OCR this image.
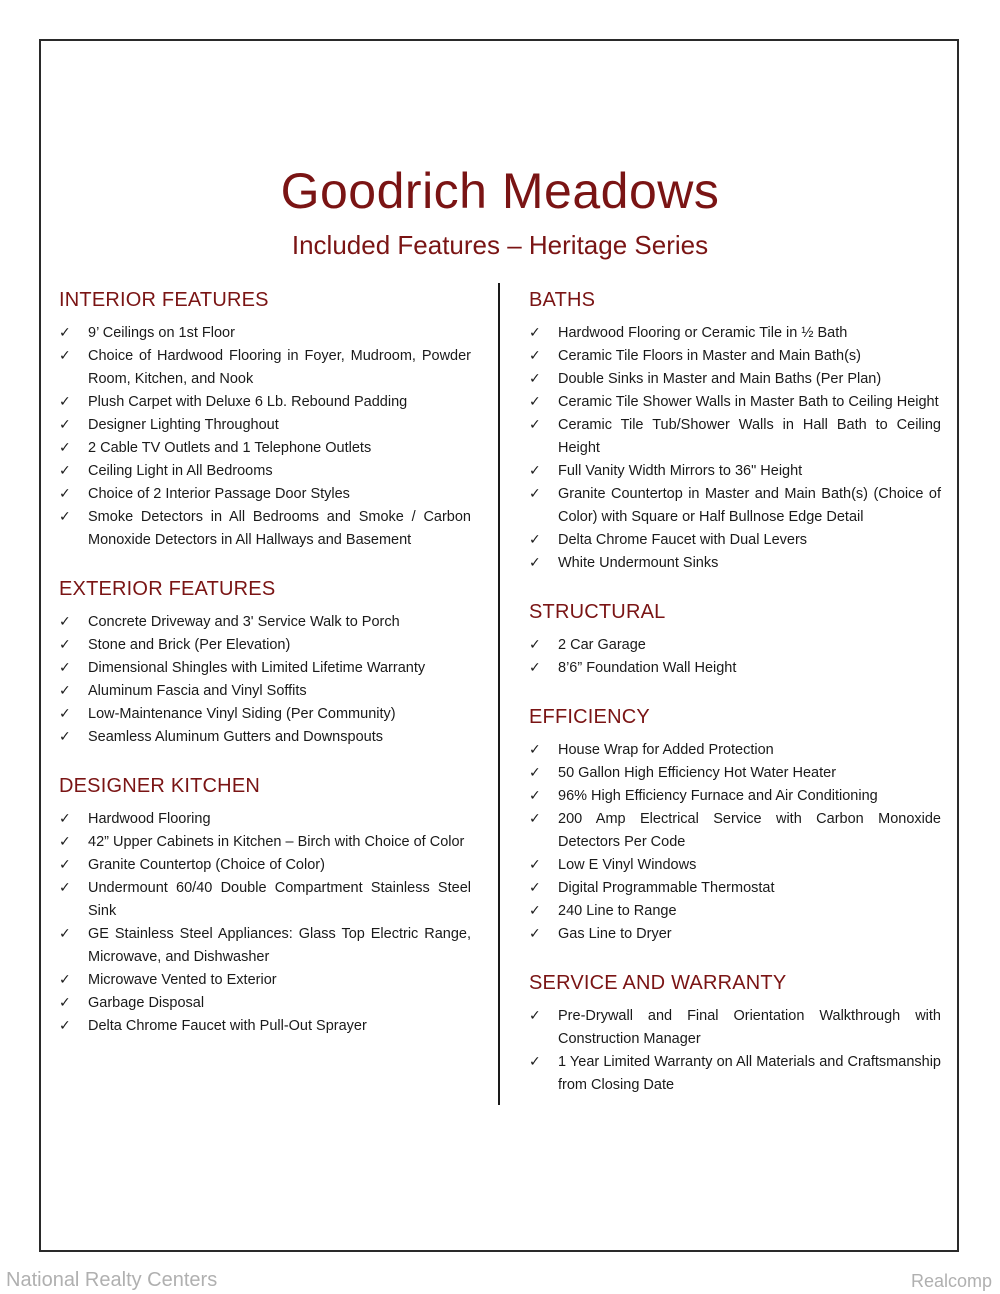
Goodrich Meadows
Included Features – Heritage Series
INTERIOR FEATURES
✓ 9’ Ceilings on 1st Floor
✓ Choice of Hardwood Flooring in Foyer, Mudroom, Powder Room, Kitchen, and Nook
✓ Plush Carpet with Deluxe 6 Lb. Rebound Padding
✓ Designer Lighting Throughout
✓ 2 Cable TV Outlets and 1 Telephone Outlets
✓ Ceiling Light in All Bedrooms
✓ Choice of 2 Interior Passage Door Styles
✓ Smoke Detectors in All Bedrooms and Smoke / Carbon Monoxide Detectors in All Hallways and Basement
EXTERIOR FEATURES
✓ Concrete Driveway and 3' Service Walk to Porch
✓ Stone and Brick (Per Elevation)
✓ Dimensional Shingles with Limited Lifetime Warranty
✓ Aluminum Fascia and Vinyl Soffits
✓ Low-Maintenance Vinyl Siding (Per Community)
✓ Seamless Aluminum Gutters and Downspouts
DESIGNER KITCHEN
✓ Hardwood Flooring
✓ 42” Upper Cabinets in Kitchen – Birch with Choice of Color
✓ Granite Countertop (Choice of Color)
✓ Undermount 60/40 Double Compartment Stainless Steel Sink
✓ GE Stainless Steel Appliances: Glass Top Electric Range, Microwave, and Dishwasher
✓ Microwave Vented to Exterior
✓ Garbage Disposal
✓ Delta Chrome Faucet with Pull-Out Sprayer
BATHS
✓ Hardwood Flooring or Ceramic Tile in ½ Bath
✓ Ceramic Tile Floors in Master and Main Bath(s)
✓ Double Sinks in Master and Main Baths (Per Plan)
✓ Ceramic Tile Shower Walls in Master Bath to Ceiling Height
✓ Ceramic Tile Tub/Shower Walls in Hall Bath to Ceiling Height
✓ Full Vanity Width Mirrors to 36" Height
✓ Granite Countertop in Master and Main Bath(s) (Choice of Color) with Square or Half Bullnose Edge Detail
✓ Delta Chrome Faucet with Dual Levers
✓ White Undermount Sinks
STRUCTURAL
✓ 2 Car Garage
✓ 8’6” Foundation Wall Height
EFFICIENCY
✓ House Wrap for Added Protection
✓ 50 Gallon High Efficiency Hot Water Heater
✓ 96% High Efficiency Furnace and Air Conditioning
✓ 200 Amp Electrical Service with Carbon Monoxide Detectors Per Code
✓ Low E Vinyl Windows
✓ Digital Programmable Thermostat
✓ 240 Line to Range
✓ Gas Line to Dryer
SERVICE AND WARRANTY
✓ Pre-Drywall and Final Orientation Walkthrough with Construction Manager
✓ 1 Year Limited Warranty on All Materials and Craftsmanship from Closing Date
National Realty Centers	Realcomp
